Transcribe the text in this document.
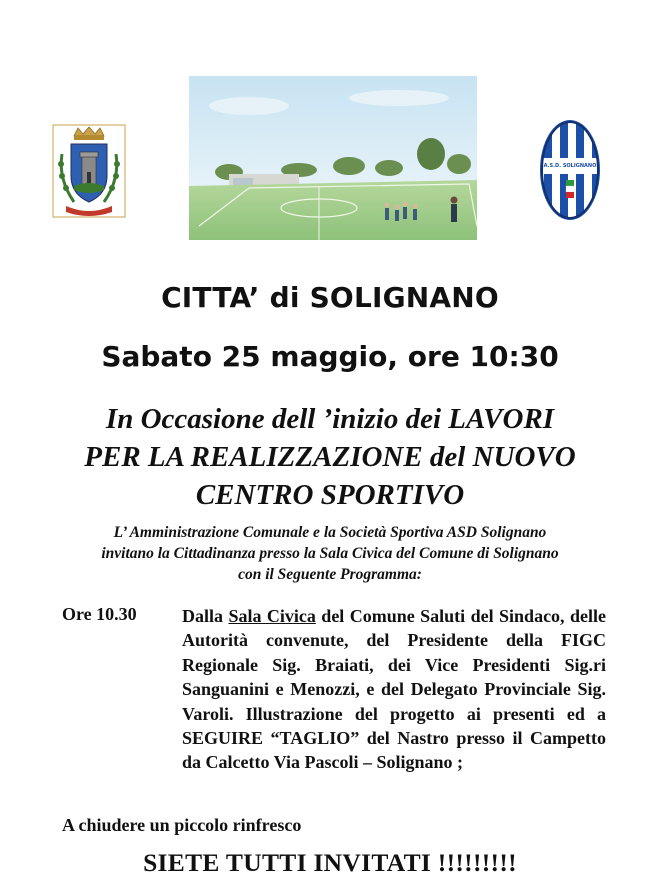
A.S.D. SOLIGNANO
CITTA’ di SOLIGNANO
Sabato 25 maggio, ore 10:30
In Occasione dell ’inizio dei LAVORI
PER LA REALIZZAZIONE del NUOVO
CENTRO SPORTIVO
L’ Amministrazione Comunale e la Società Sportiva ASD Solignano
invitano la Cittadinanza presso la Sala Civica del Comune di Solignano
con il Seguente Programma:
Ore 10.30	Dalla Sala Civica del Comune Saluti del Sindaco, delle Autorità convenute, del Presidente della FIGC Regionale Sig. Braiati, dei Vice Presidenti Sig.ri Sanguanini e Menozzi, e del Delegato Provinciale Sig. Varoli. Illustrazione del progetto ai presenti ed a SEGUIRE “TAGLIO” del Nastro presso il Campetto da Calcetto Via Pascoli – Solignano ;

A chiudere un piccolo rinfresco
SIETE TUTTI INVITATI !!!!!!!!!
